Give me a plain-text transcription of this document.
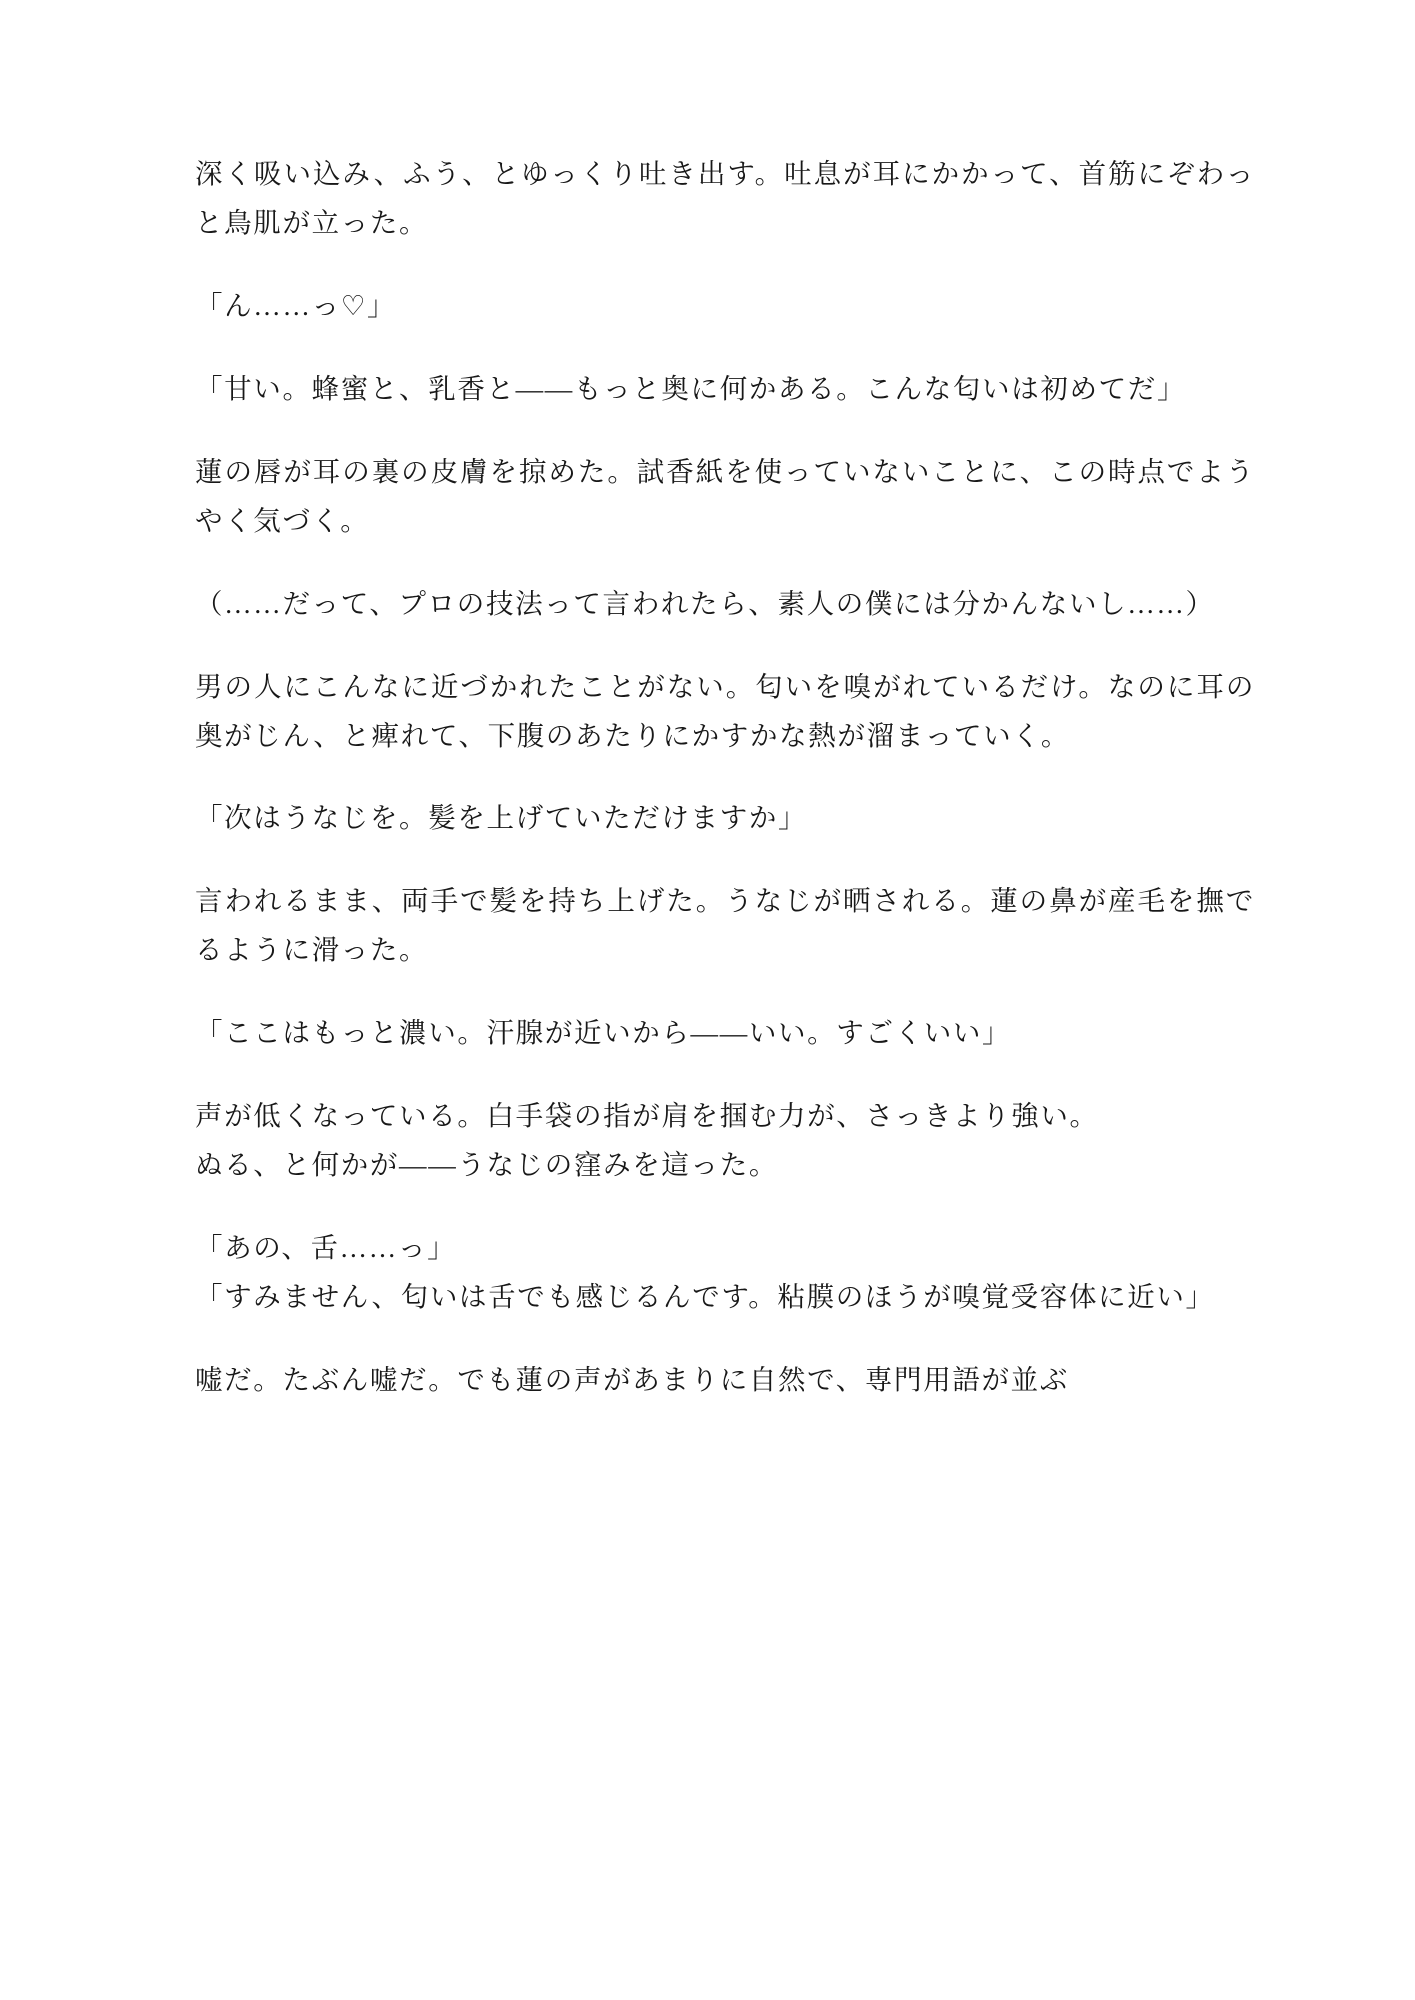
深く吸い込み、ふう、とゆっくり吐き出す。吐息が耳にかかって、首筋にぞわっと鳥肌が立った。

「ん……っ♡」

「甘い。蜂蜜と、乳香と——もっと奥に何かある。こんな匂いは初めてだ」

蓮の唇が耳の裏の皮膚を掠めた。試香紙を使っていないことに、この時点でようやく気づく。

（……だって、プロの技法って言われたら、素人の僕には分かんないし……）

男の人にこんなに近づかれたことがない。匂いを嗅がれているだけ。なのに耳の奥がじん、と痺れて、下腹のあたりにかすかな熱が溜まっていく。

「次はうなじを。髪を上げていただけますか」

言われるまま、両手で髪を持ち上げた。うなじが晒される。蓮の鼻が産毛を撫でるように滑った。

「ここはもっと濃い。汗腺が近いから——いい。すごくいい」

声が低くなっている。白手袋の指が肩を掴む力が、さっきより強い。

ぬる、と何かが——うなじの窪みを這った。

「あの、舌……っ」

「すみません、匂いは舌でも感じるんです。粘膜のほうが嗅覚受容体に近い」

嘘だ。たぶん嘘だ。でも蓮の声があまりに自然で、専門用語が並ぶ
